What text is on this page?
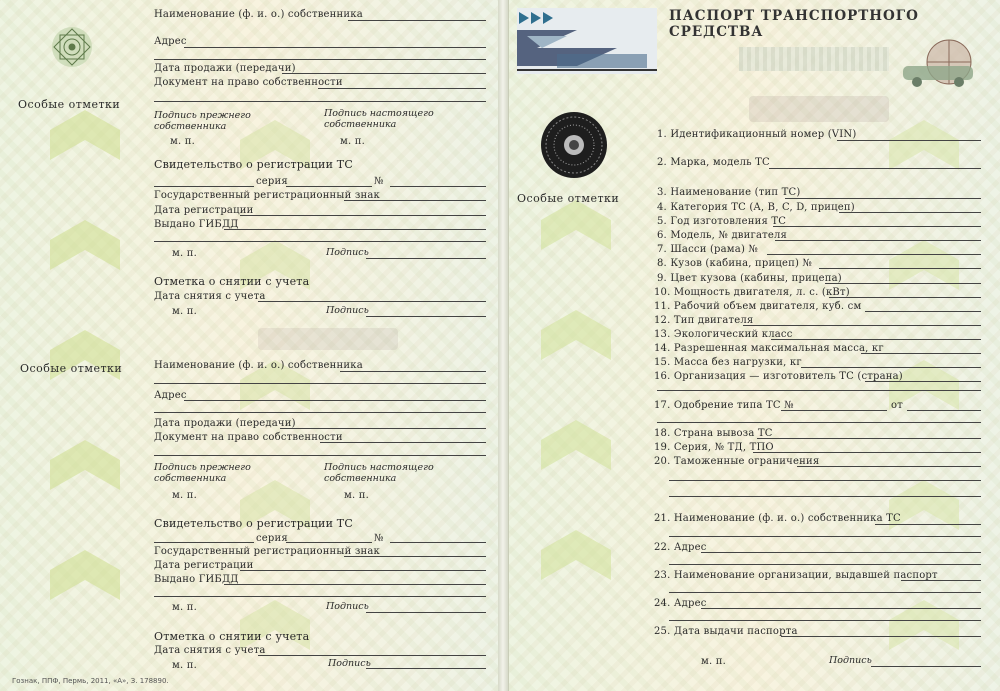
Особые отметки
Особые отметки
Наименование (ф. и. о.) собственника
Адрес
Дата продажи (передачи)
Документ на право собственности
Подпись прежнего собственника
Подпись настоящего собственника
м. п.	м. п.
Свидетельство о регистрации ТС
серия	№
Государственный регистрационный знак
Дата регистрации
Выдано ГИБДД
м. п.	Подпись
Отметка о снятии с учета
Дата снятия с учета
м. п.	Подпись
Наименование (ф. и. о.) собственника
Адрес
Дата продажи (передачи)
Документ на право собственности
Подпись прежнего собственника
Подпись настоящего собственника
м. п.	м. п.
Свидетельство о регистрации ТС
серия	№
Государственный регистрационный знак
Дата регистрации
Выдано ГИБДД
м. п.	Подпись
Отметка о снятии с учета
Дата снятия с учета
м. п.	Подпись
Гознак, ППФ, Пермь, 2011, «А», З. 178890.
ПАСПОРТ ТРАНСПОРТНОГО СРЕДСТВА
Особые отметки
1. Идентификационный номер (VIN)
2. Марка, модель ТС
3. Наименование (тип ТС)
4. Категория ТС (A, B, C, D, прицеп)
5. Год изготовления ТС
6. Модель, № двигателя
7. Шасси (рама) №
8. Кузов (кабина, прицеп) №
9. Цвет кузова (кабины, прицепа)
10. Мощность двигателя, л. с. (кВт)
11. Рабочий объем двигателя, куб. см
12. Тип двигателя
13. Экологический класс
14. Разрешенная максимальная масса, кг
15. Масса без нагрузки, кг
16. Организация — изготовитель ТС (страна)
17. Одобрение типа ТС №	от
18. Страна вывоза ТС
19. Серия, № ТД, ТПО
20. Таможенные ограничения
21. Наименование (ф. и. о.) собственника ТС
22. Адрес
23. Наименование организации, выдавшей паспорт
24. Адрес
25. Дата выдачи паспорта
м. п.	Подпись
